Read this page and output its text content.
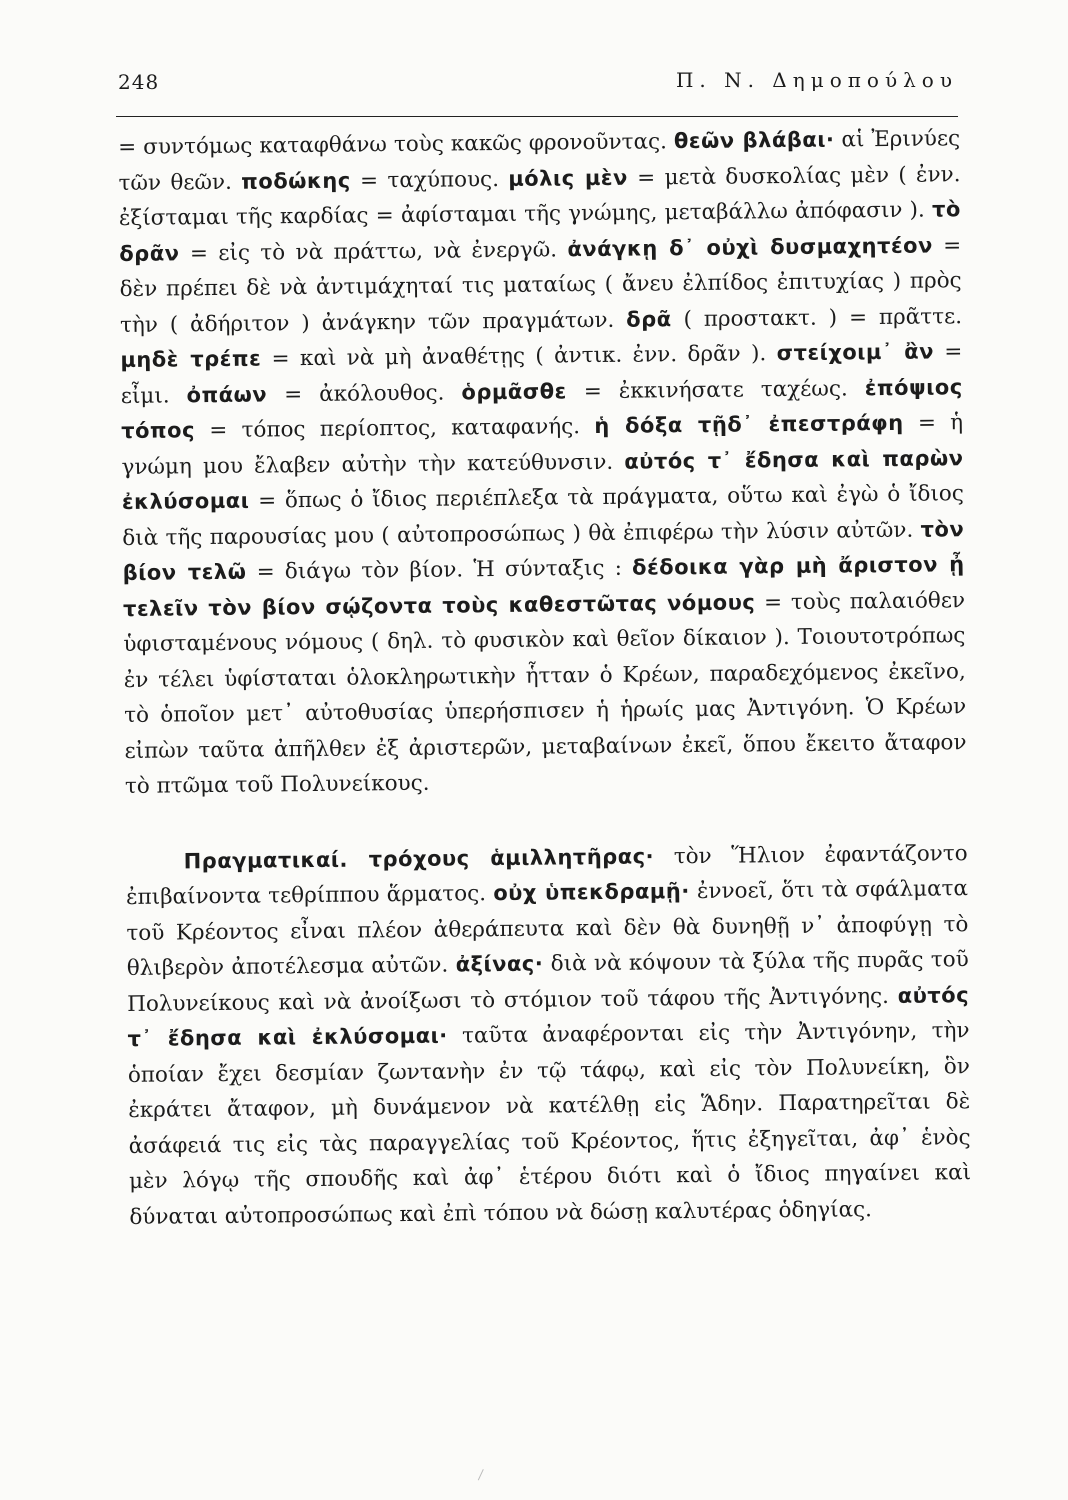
248	Π. Ν. Δημοπούλου

= συντόμως καταφθάνω τοὺς κακῶς φρονοῦντας. θεῶν βλάβαι· αἱ Ἐρινύες τῶν θεῶν. ποδώκης = ταχύπους. μόλις μὲν = μετὰ δυσκολίας μὲν ( ἐνν. ἐξίσταμαι τῆς καρδίας = ἀφίσταμαι τῆς γνώμης, μεταβάλλω ἀπόφασιν ). τὸ δρᾶν = εἰς τὸ νὰ πράττω, νὰ ἐνεργῶ. ἀνάγκῃ δ᾽ οὐχὶ δυσμαχητέον = δὲν πρέπει δὲ νὰ ἀντιμάχηταί τις ματαίως ( ἄνευ ἐλπίδος ἐπιτυχίας ) πρὸς τὴν ( ἀδήριτον ) ἀνάγκην τῶν πραγμάτων. δρᾶ ( προστακτ. ) = πρᾶττε. μηδὲ τρέπε = καὶ νὰ μὴ ἀναθέτῃς ( ἀντικ. ἐνν. δρᾶν ). στείχοιμ᾽ ἂν = εἶμι. ὀπάων = ἀκόλουθος. ὁρμᾶσθε = ἐκκινήσατε ταχέως. ἐπόψιος τόπος = τόπος περίοπτος, καταφανής. ἡ δόξα τῇδ᾽ ἐπεστράφη = ἡ γνώμη μου ἔλαβεν αὐτὴν τὴν κατεύθυνσιν. αὐτός τ᾽ ἔδησα καὶ παρὼν ἐκλύσομαι = ὅπως ὁ ἴδιος περιέπλεξα τὰ πράγματα, οὕτω καὶ ἐγὼ ὁ ἴδιος διὰ τῆς παρουσίας μου ( αὐτοπροσώπως ) θὰ ἐπιφέρω τὴν λύσιν αὐτῶν. τὸν βίον τελῶ = διάγω τὸν βίον. Ἡ σύνταξις : δέδοικα γὰρ μὴ ἄριστον ᾖ τελεῖν τὸν βίον σῴζοντα τοὺς καθεστῶτας νόμους = τοὺς παλαιόθεν ὑφισταμένους νόμους ( δηλ. τὸ φυσικὸν καὶ θεῖον δίκαιον ). Τοιουτοτρόπως ἐν τέλει ὑφίσταται ὁλοκληρωτικὴν ἧτταν ὁ Κρέων, παραδεχόμενος ἐκεῖνο, τὸ ὁποῖον μετ᾽ αὐτοθυσίας ὑπερήσπισεν ἡ ἡρωίς μας Ἀντιγόνη. Ὁ Κρέων εἰπὼν ταῦτα ἀπῆλθεν ἐξ ἀριστερῶν, μεταβαίνων ἐκεῖ, ὅπου ἔκειτο ἄταφον τὸ πτῶμα τοῦ Πολυνείκους.

Πραγματικαί. τρόχους ἁμιλλητῆρας· τὸν Ἥλιον ἐφαντάζοντο ἐπιβαίνοντα τεθρίππου ἅρματος. οὐχ ὑπεκδραμῇ· ἐννοεῖ, ὅτι τὰ σφάλματα τοῦ Κρέοντος εἶναι πλέον ἀθεράπευτα καὶ δὲν θὰ δυνηθῇ ν᾽ ἀποφύγῃ τὸ θλιβερὸν ἀποτέλεσμα αὐτῶν. ἀξίνας· διὰ νὰ κόψουν τὰ ξύλα τῆς πυρᾶς τοῦ Πολυνείκους καὶ νὰ ἀνοίξωσι τὸ στόμιον τοῦ τάφου τῆς Ἀντιγόνης. αὐτός τ᾽ ἔδησα καὶ ἐκλύσομαι· ταῦτα ἀναφέρονται εἰς τὴν Ἀντιγόνην, τὴν ὁποίαν ἔχει δεσμίαν ζωντανὴν ἐν τῷ τάφῳ, καὶ εἰς τὸν Πολυνείκη, ὃν ἐκράτει ἄταφον, μὴ δυνάμενον νὰ κατέλθῃ εἰς Ἅδην. Παρατηρεῖται δὲ ἀσάφειά τις εἰς τὰς παραγγελίας τοῦ Κρέοντος, ἥτις ἐξηγεῖται, ἀφ᾽ ἑνὸς μὲν λόγῳ τῆς σπουδῆς καὶ ἀφ᾽ ἑτέρου διότι καὶ ὁ ἴδιος πηγαίνει καὶ δύναται αὐτοπροσώπως καὶ ἐπὶ τόπου νὰ δώσῃ καλυτέρας ὁδηγίας.
